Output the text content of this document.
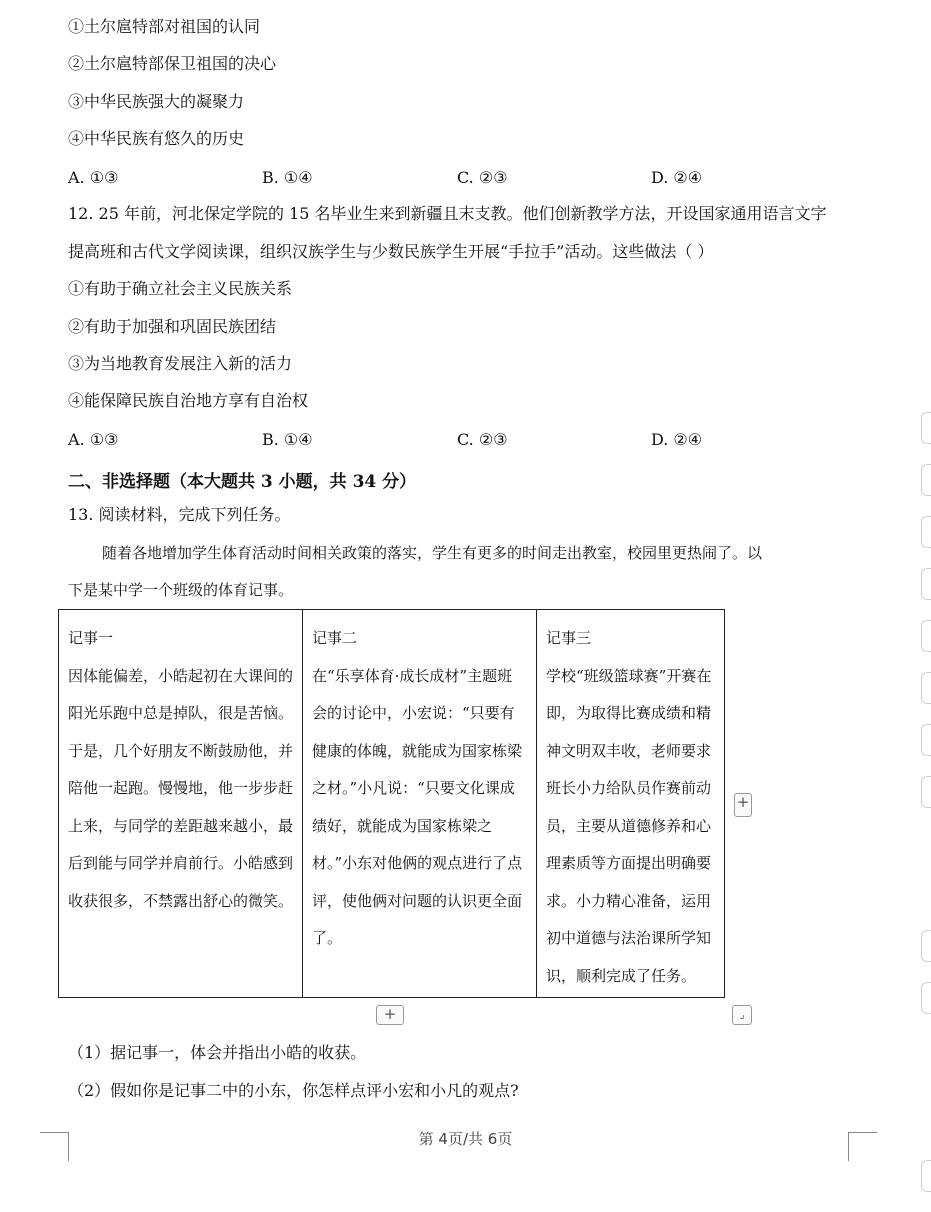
①土尔扈特部对祖国的认同
②土尔扈特部保卫祖国的决心
③中华民族强大的凝聚力
④中华民族有悠久的历史
A. ①③	B. ①④	C. ②③	D. ②④
12. 25 年前，河北保定学院的 15 名毕业生来到新疆且末支教。他们创新教学方法，开设国家通用语言文字
提高班和古代文学阅读课，组织汉族学生与少数民族学生开展“手拉手”活动。这些做法（ ）
①有助于确立社会主义民族关系
②有助于加强和巩固民族团结
③为当地教育发展注入新的活力
④能保障民族自治地方享有自治权
A. ①③	B. ①④	C. ②③	D. ②④
二、非选择题（本大题共 3 小题，共 34 分）
13. 阅读材料，完成下列任务。
随着各地增加学生体育活动时间相关政策的落实，学生有更多的时间走出教室，校园里更热闹了。以
下是某中学一个班级的体育记事。
记事一
因体能偏差，小皓起初在大课间的阳光乐跑中总是掉队，很是苦恼。于是，几个好朋友不断鼓励他，并陪他一起跑。慢慢地，他一步步赶上来，与同学的差距越来越小，最后到能与同学并肩前行。小皓感到收获很多，不禁露出舒心的微笑。	
记事二
在“乐享体育·成长成材”主题班会的讨论中，小宏说：“只要有健康的体魄，就能成为国家栋梁之材。”小凡说：“只要文化课成绩好，就能成为国家栋梁之材。”小东对他俩的观点进行了点评，使他俩对问题的认识更全面了。	
记事三
学校“班级篮球赛”开赛在即，为取得比赛成绩和精神文明双丰收，老师要求班长小力给队员作赛前动员，主要从道德修养和心理素质等方面提出明确要求。小力精心准备，运用初中道德与法治课所学知识，顺利完成了任务。
+
+	⌟
（1）据记事一，体会并指出小皓的收获。
（2）假如你是记事二中的小东，你怎样点评小宏和小凡的观点?
第 4页/共 6页
